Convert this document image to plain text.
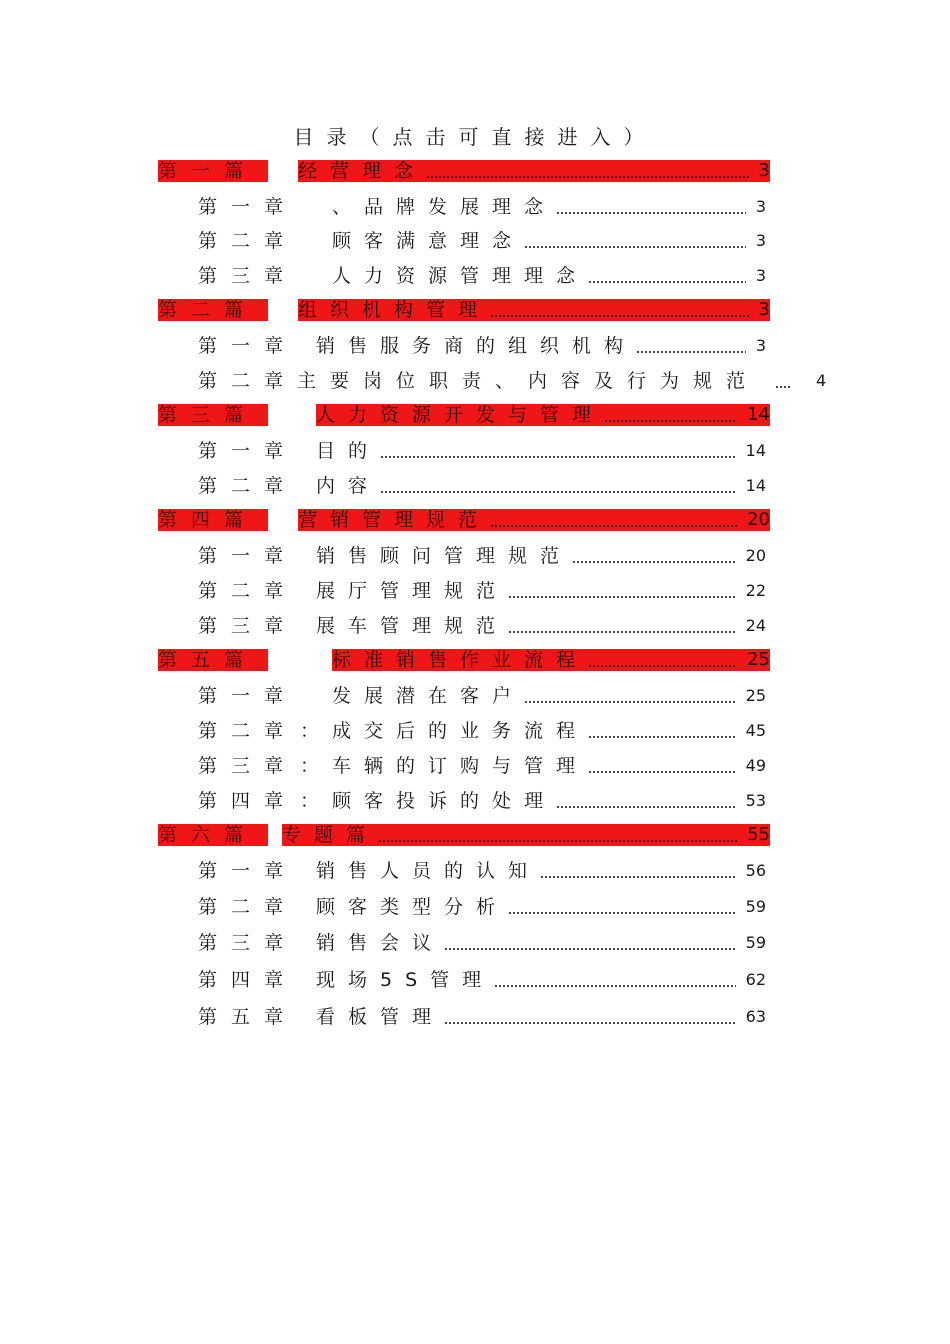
目录（点击可直接进入）
第一篇	经营理念	3
第一章	、品牌发展理念	3
第二章	顾客满意理念	3
第三章	人力资源管理理念	3
第二篇	组织机构管理	3
第一章 销售服务商的组织机构	3
第二章 主要岗位职责、内容及行为规范	4
第三篇	人力资源开发与管理	14
第一章 目的	14
第二章 内容	14
第四篇	营销管理规范	20
第一章 销售顾问管理规范	20
第二章 展厅管理规范	22
第三章 展车管理规范	24
第五篇	标准销售作业流程	25
第一章	发展潜在客户	25
第二章 ：成交后的业务流程	45
第三章 ：车辆的订购与管理	49
第四章 ：顾客投诉的处理	53
第六篇	专题篇	55
第一章 销售人员的认知	56
第二章 顾客类型分析	59
第三章 销售会议	59
第四章 现场5S管理	62
第五章 看板管理	63
